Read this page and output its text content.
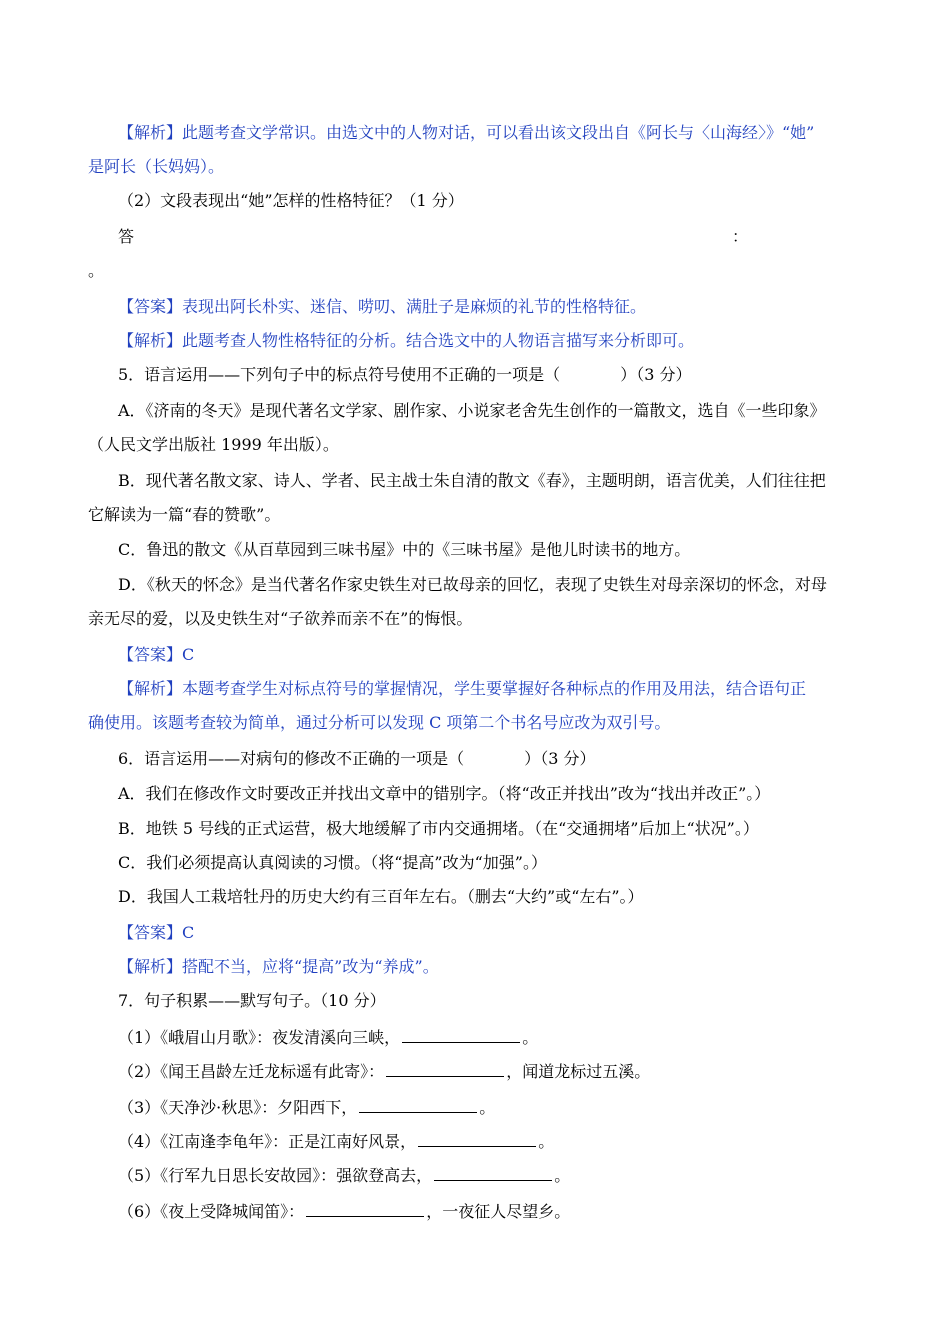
【解析】此题考查文学常识。由选文中的人物对话，可以看出该文段出自《阿长与〈山海经〉》“她”
是阿长（长妈妈）。
（2）文段表现出“她”怎样的性格特征？（1 分）
答	：
。
【答案】表现出阿长朴实、迷信、唠叨、满肚子是麻烦的礼节的性格特征。
【解析】此题考查人物性格特征的分析。结合选文中的人物语言描写来分析即可。
5．语言运用——下列句子中的标点符号使用不正确的一项是（	）（3 分）
A．《济南的冬天》是现代著名文学家、剧作家、小说家老舍先生创作的一篇散文，选自《一些印象》
（人民文学出版社 1999 年出版）。
B．现代著名散文家、诗人、学者、民主战士朱自清的散文《春》，主题明朗，语言优美，人们往往把
它解读为一篇“春的赞歌”。
C．鲁迅的散文《从百草园到三味书屋》中的《三味书屋》是他儿时读书的地方。
D．《秋天的怀念》是当代著名作家史铁生对已故母亲的回忆，表现了史铁生对母亲深切的怀念，对母
亲无尽的爱，以及史铁生对“子欲养而亲不在”的悔恨。
【答案】C
【解析】本题考查学生对标点符号的掌握情况，学生要掌握好各种标点的作用及用法，结合语句正
确使用。该题考查较为简单，通过分析可以发现 C 项第二个书名号应改为双引号。
6．语言运用——对病句的修改不正确的一项是（	）（3 分）
A．我们在修改作文时要改正并找出文章中的错别字。（将“改正并找出”改为“找出并改正”。）
B．地铁 5 号线的正式运营，极大地缓解了市内交通拥堵。（在“交通拥堵”后加上“状况”。）
C．我们必须提高认真阅读的习惯。（将“提高”改为“加强”。）
D．我国人工栽培牡丹的历史大约有三百年左右。（删去“大约”或“左右”。）
【答案】C
【解析】搭配不当，应将“提高”改为“养成”。
7．句子积累——默写句子。（10 分）
（1）《峨眉山月歌》：夜发清溪向三峡，	。
（2）《闻王昌龄左迁龙标遥有此寄》：	，闻道龙标过五溪。
（3）《天净沙·秋思》：夕阳西下，	。
（4）《江南逢李龟年》：正是江南好风景，	。
（5）《行军九日思长安故园》：强欲登高去，	。
（6）《夜上受降城闻笛》：	，一夜征人尽望乡。
